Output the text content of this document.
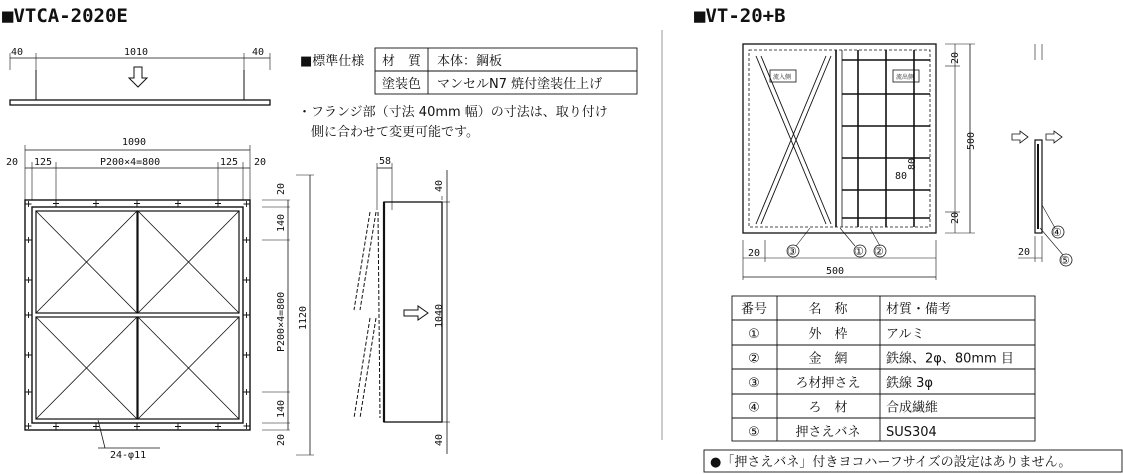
■VTCA-2020E
40	1010	40
1090
20 125	P200×4=800	125 20
20
140
P200×4=800
140
20
1120
24-φ11
58
40
1040
40
■標準仕様 材　質 本体：鋼板
塗装色 マンセルN7 焼付塗装仕上げ
・フランジ部（寸法 40mm 幅）の寸法は、取り付け
側に合わせて変更可能です。
■VT-20+B
流入側	流出側
20
500
80
80
20
20
500
③	① ②
④
⑤
20
番号	名　称	材質・備考
①	外　枠	アルミ
②	金　網	鉄線、2φ、80mm 目
③	ろ材押さえ 鉄線 3φ
④	ろ　材	合成繊維
⑤	押さえバネ SUS304
●「押さえバネ」付きヨコハーフサイズの設定はありません。
